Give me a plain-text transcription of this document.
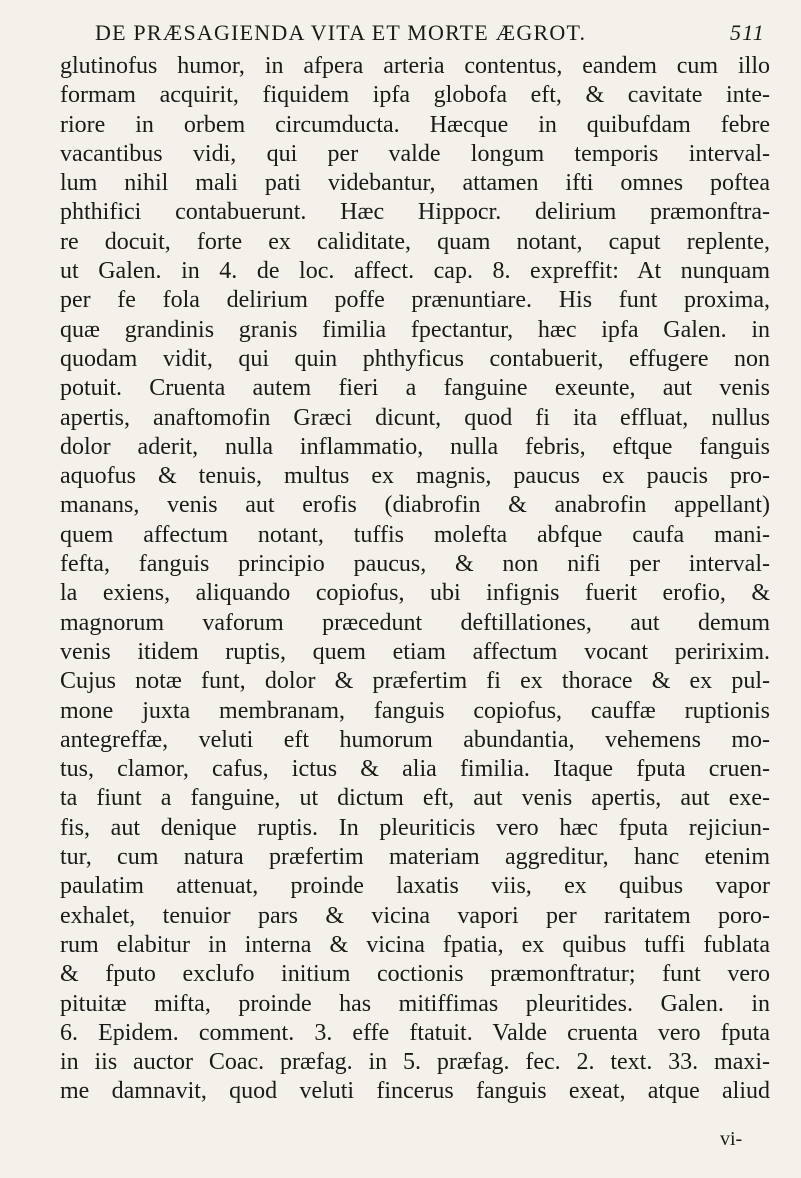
DE PRÆSAGIENDA VITA ET MORTE ÆGROT.	511
glutinofus humor, in afpera arteria contentus, eandem cum illo
formam acquirit, fiquidem ipfa globofa eft, & cavitate inte-
riore in orbem circumducta. Hæcque in quibufdam febre
vacantibus vidi, qui per valde longum temporis interval-
lum nihil mali pati videbantur, attamen ifti omnes poftea
phthifici contabuerunt. Hæc Hippocr. delirium præmonftra-
re docuit, forte ex caliditate, quam notant, caput replente,
ut Galen. in 4. de loc. affect. cap. 8. expreffit: At nunquam
per fe fola delirium poffe prænuntiare. His funt proxima,
quæ grandinis granis fimilia fpectantur, hæc ipfa Galen. in
quodam vidit, qui quin phthyficus contabuerit, effugere non
potuit. Cruenta autem fieri a fanguine exeunte, aut venis
apertis, anaftomofin Græci dicunt, quod fi ita effluat, nullus
dolor aderit, nulla inflammatio, nulla febris, eftque fanguis
aquofus & tenuis, multus ex magnis, paucus ex paucis pro-
manans, venis aut erofis (diabrofin & anabrofin appellant)
quem affectum notant, tuffis molefta abfque caufa mani-
fefta, fanguis principio paucus, & non nifi per interval-
la exiens, aliquando copiofus, ubi infignis fuerit erofio, &
magnorum vaforum præcedunt deftillationes, aut demum
venis itidem ruptis, quem etiam affectum vocant peririxim.
Cujus notæ funt, dolor & præfertim fi ex thorace & ex pul-
mone juxta membranam, fanguis copiofus, cauffæ ruptionis
antegreffæ, veluti eft humorum abundantia, vehemens mo-
tus, clamor, cafus, ictus & alia fimilia. Itaque fputa cruen-
ta fiunt a fanguine, ut dictum eft, aut venis apertis, aut exe-
fis, aut denique ruptis. In pleuriticis vero hæc fputa rejiciun-
tur, cum natura præfertim materiam aggreditur, hanc etenim
paulatim attenuat, proinde laxatis viis, ex quibus vapor
exhalet, tenuior pars & vicina vapori per raritatem poro-
rum elabitur in interna & vicina fpatia, ex quibus tuffi fublata
& fputo exclufo initium coctionis præmonftratur; funt vero
pituitæ mifta, proinde has mitiffimas pleuritides. Galen. in
6. Epidem. comment. 3. effe ftatuit. Valde cruenta vero fputa
in iis auctor Coac. præfag. in 5. præfag. fec. 2. text. 33. maxi-
me damnavit, quod veluti fincerus fanguis exeat, atque aliud
vi-
